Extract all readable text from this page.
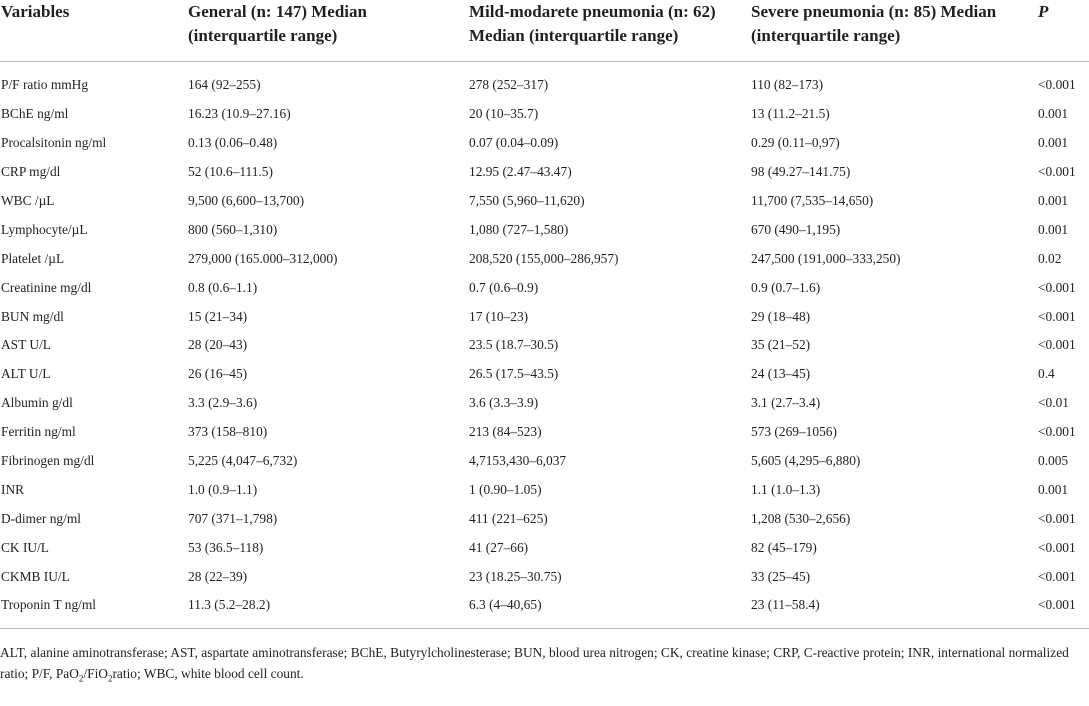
Variables	General (n: 147) Median (interquartile range)	Mild-modarete pneumonia (n: 62) Median (interquartile range)	Severe pneumonia (n: 85) Median (interquartile range)	P
P/F ratio mmHg	164 (92–255)	278 (252–317)	110 (82–173)	<0.001
BChE ng/ml	16.23 (10.9–27.16)	20 (10–35.7)	13 (11.2–21.5)	0.001
Procalsitonin ng/ml	0.13 (0.06–0.48)	0.07 (0.04–0.09)	0.29 (0.11–0,97)	0.001
CRP mg/dl	52 (10.6–111.5)	12.95 (2.47–43.47)	98 (49.27–141.75)	<0.001
WBC /µL	9,500 (6,600–13,700)	7,550 (5,960–11,620)	11,700 (7,535–14,650)	0.001
Lymphocyte/µL	800 (560–1,310)	1,080 (727–1,580)	670 (490–1,195)	0.001
Platelet /µL	279,000 (165.000–312,000)	208,520 (155,000–286,957)	247,500 (191,000–333,250)	0.02
Creatinine mg/dl	0.8 (0.6–1.1)	0.7 (0.6–0.9)	0.9 (0.7–1.6)	<0.001
BUN mg/dl	15 (21–34)	17 (10–23)	29 (18–48)	<0.001
AST U/L	28 (20–43)	23.5 (18.7–30.5)	35 (21–52)	<0.001
ALT U/L	26 (16–45)	26.5 (17.5–43.5)	24 (13–45)	0.4
Albumin g/dl	3.3 (2.9–3.6)	3.6 (3.3–3.9)	3.1 (2.7–3.4)	<0.01
Ferritin ng/ml	373 (158–810)	213 (84–523)	573 (269–1056)	<0.001
Fibrinogen mg/dl	5,225 (4,047–6,732)	4,7153,430–6,037	5,605 (4,295–6,880)	0.005
INR	1.0 (0.9–1.1)	1 (0.90–1.05)	1.1 (1.0–1.3)	0.001
D-dimer ng/ml	707 (371–1,798)	411 (221–625)	1,208 (530–2,656)	<0.001
CK IU/L	53 (36.5–118)	41 (27–66)	82 (45–179)	<0.001
CKMB IU/L	28 (22–39)	23 (18.25–30.75)	33 (25–45)	<0.001
Troponin T ng/ml	11.3 (5.2–28.2)	6.3 (4–40,65)	23 (11–58.4)	<0.001
ALT, alanine aminotransferase; AST, aspartate aminotransferase; BChE, Butyrylcholinesterase; BUN, blood urea nitrogen; CK, creatine kinase; CRP, C-reactive protein; INR, international normalized ratio; P/F, PaO$_2$/FiO$_2$ratio; WBC, white blood cell count.
